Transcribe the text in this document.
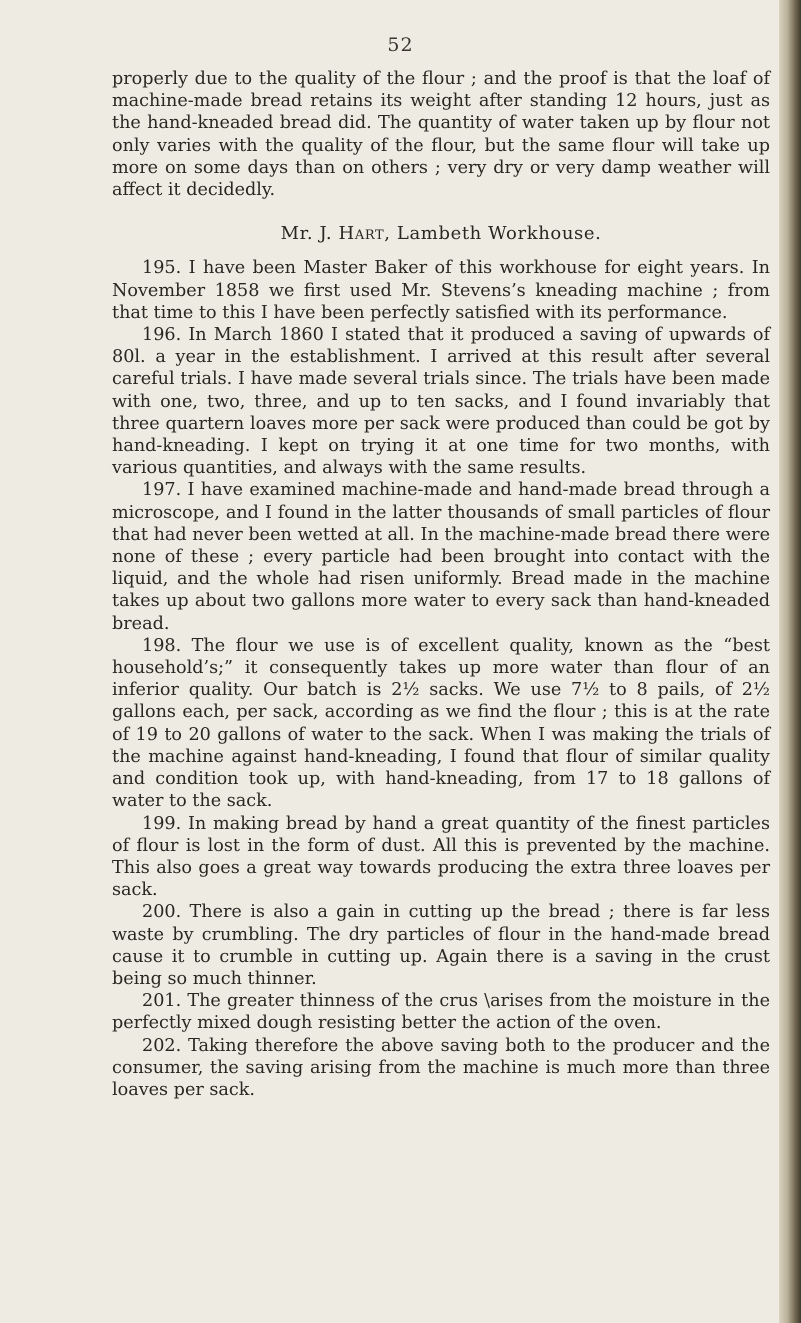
52

properly due to the quality of the flour ; and the proof is that the loaf of machine-made bread retains its weight after standing 12 hours, just as the hand-kneaded bread did. The quantity of water taken up by flour not only varies with the quality of the flour, but the same flour will take up more on some days than on others ; very dry or very damp weather will affect it decidedly.

Mr. J. Hart, Lambeth Workhouse.

195. I have been Master Baker of this workhouse for eight years. In November 1858 we first used Mr. Stevens’s kneading machine ; from that time to this I have been perfectly satisfied with its performance.

196. In March 1860 I stated that it produced a saving of upwards of 80l. a year in the establishment. I arrived at this result after several careful trials. I have made several trials since. The trials have been made with one, two, three, and up to ten sacks, and I found invariably that three quartern loaves more per sack were produced than could be got by hand-kneading. I kept on trying it at one time for two months, with various quantities, and always with the same results.

197. I have examined machine-made and hand-made bread through a microscope, and I found in the latter thousands of small particles of flour that had never been wetted at all. In the machine-made bread there were none of these ; every particle had been brought into contact with the liquid, and the whole had risen uniformly. Bread made in the machine takes up about two gallons more water to every sack than hand-kneaded bread.

198. The flour we use is of excellent quality, known as the “best household’s;” it consequently takes up more water than flour of an inferior quality. Our batch is 2½ sacks. We use 7½ to 8 pails, of 2½ gallons each, per sack, according as we find the flour ; this is at the rate of 19 to 20 gallons of water to the sack. When I was making the trials of the machine against hand-kneading, I found that flour of similar quality and condition took up, with hand-kneading, from 17 to 18 gallons of water to the sack.

199. In making bread by hand a great quantity of the finest particles of flour is lost in the form of dust. All this is prevented by the machine. This also goes a great way towards producing the extra three loaves per sack.

200. There is also a gain in cutting up the bread ; there is far less waste by crumbling. The dry particles of flour in the hand-made bread cause it to crumble in cutting up. Again there is a saving in the crust being so much thinner.

201. The greater thinness of the crus \arises from the moisture in the perfectly mixed dough resisting better the action of the oven.

202. Taking therefore the above saving both to the producer and the consumer, the saving arising from the machine is much more than three loaves per sack.
